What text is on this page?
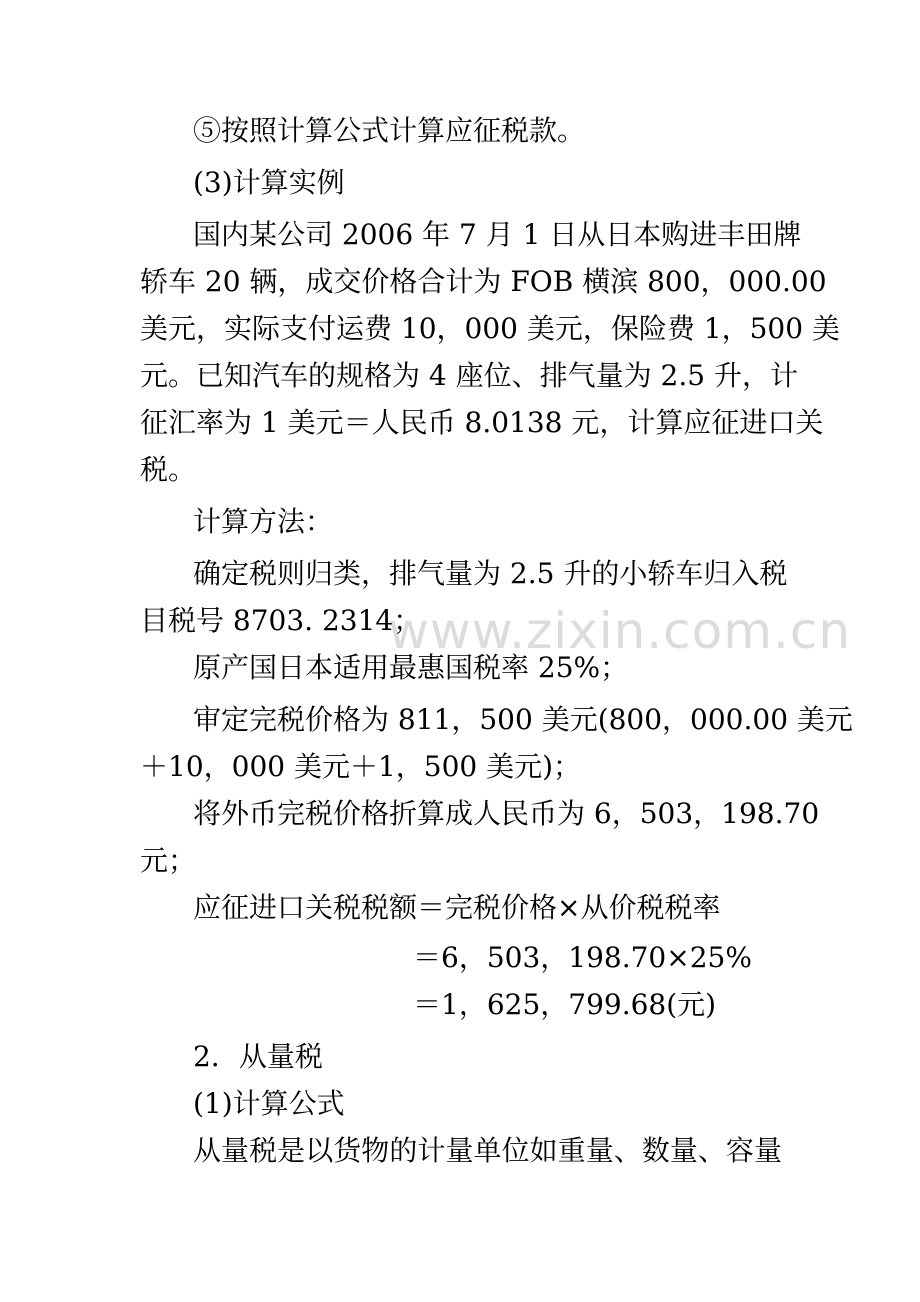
www.zixin.com.cn
⑤按照计算公式计算应征税款。
(3)计算实例
国内某公司 2006 年 7 月 1 日从日本购进丰田牌
轿车 20 辆，成交价格合计为 FOB 横滨 800，000.00
美元，实际支付运费 10，000 美元，保险费 1，500 美
元。已知汽车的规格为 4 座位、排气量为 2.5 升，计
征汇率为 1 美元＝人民币 8.0138 元，计算应征进口关
税。
计算方法：
确定税则归类，排气量为 2.5 升的小轿车归入税
目税号 8703. 2314；
原产国日本适用最惠国税率 25%；
审定完税价格为 811，500 美元(800，000.00 美元
＋10，000 美元＋1，500 美元)；
将外币完税价格折算成人民币为 6，503，198.70
元；
应征进口关税税额＝完税价格×从价税税率
＝6，503，198.70×25%
＝1，625，799.68(元)
2．从量税
(1)计算公式
从量税是以货物的计量单位如重量、数量、容量
